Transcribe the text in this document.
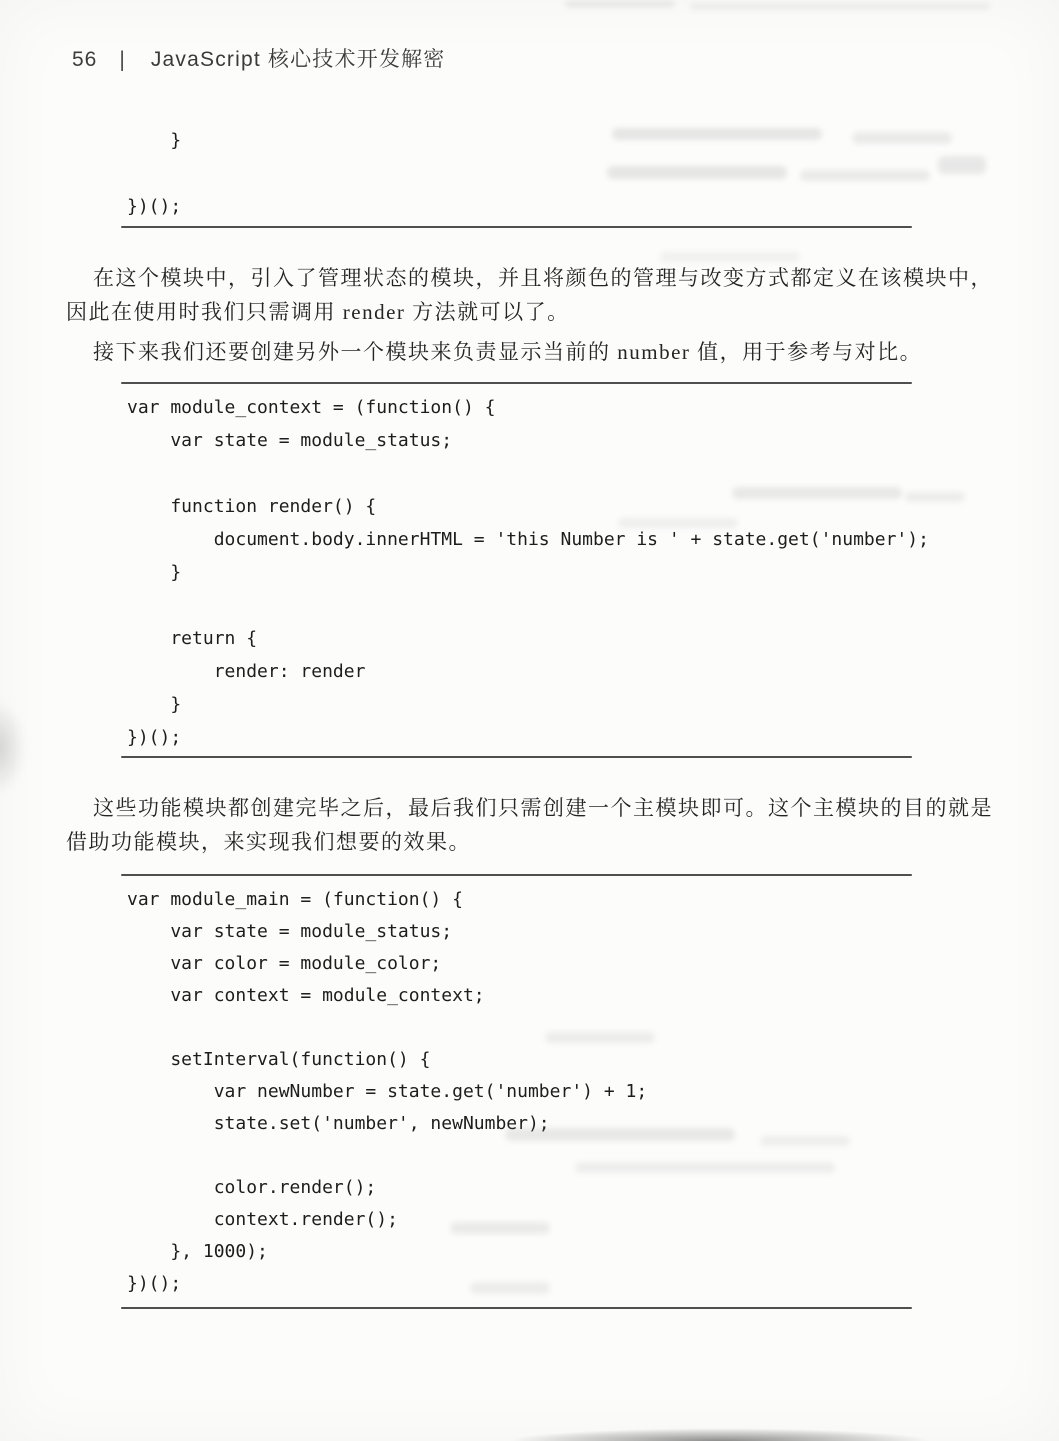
56 | JavaScript 核心技术开发解密
}
})();
在这个模块中，引入了管理状态的模块，并且将颜色的管理与改变方式都定义在该模块中，
因此在使用时我们只需调用 render 方法就可以了。
接下来我们还要创建另外一个模块来负责显示当前的 number 值，用于参考与对比。
var module_context = (function() {
var state = module_status;
function render() {
document.body.innerHTML = 'this Number is ' + state.get('number');
}
return {
render: render
}
})();
这些功能模块都创建完毕之后，最后我们只需创建一个主模块即可。这个主模块的目的就是
借助功能模块，来实现我们想要的效果。
var module_main = (function() {
var state = module_status;
var color = module_color;
var context = module_context;
setInterval(function() {
var newNumber = state.get('number') + 1;
state.set('number', newNumber);
color.render();
context.render();
}, 1000);
})();
